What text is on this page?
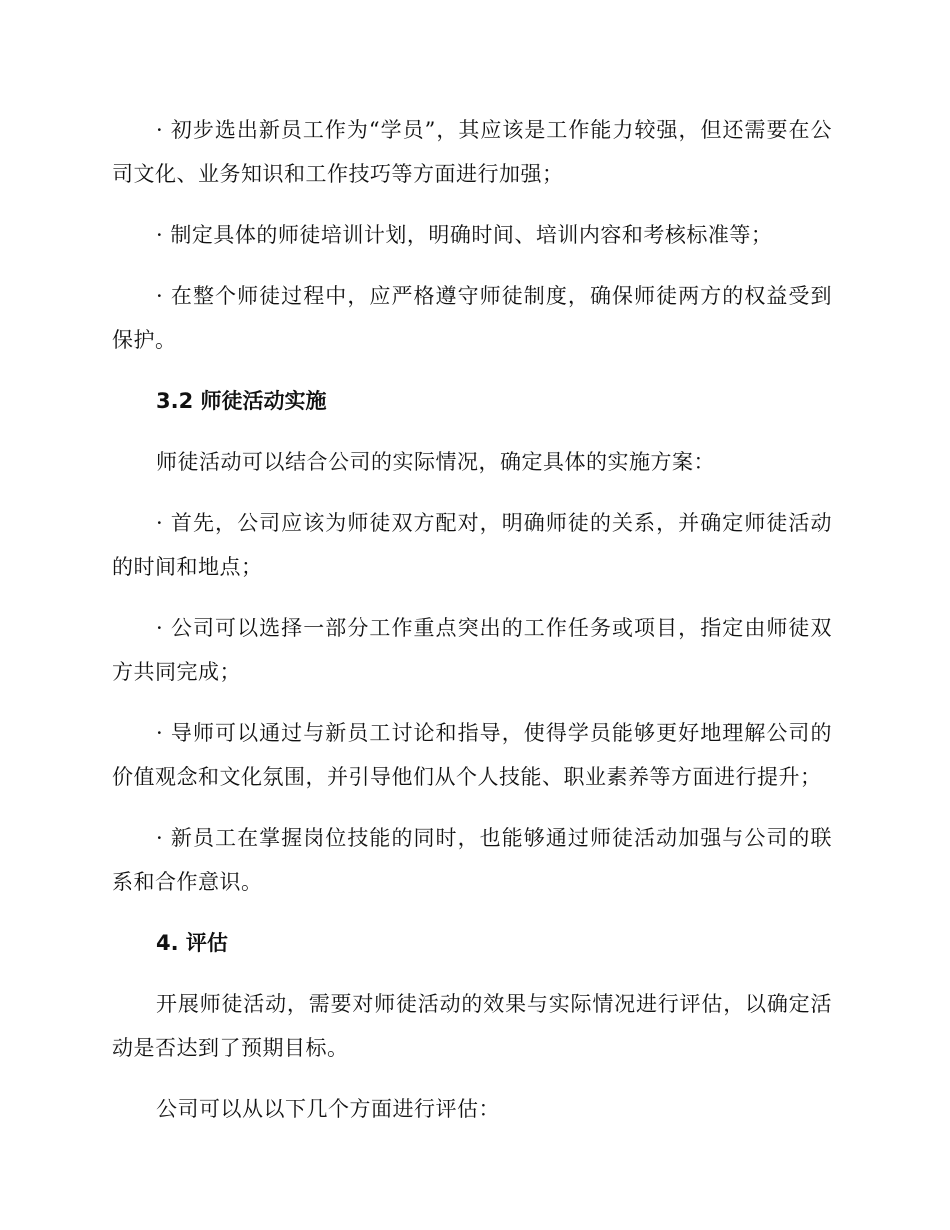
· 初步选出新员工作为“学员”，其应该是工作能力较强，但还需要在公司文化、业务知识和工作技巧等方面进行加强；

· 制定具体的师徒培训计划，明确时间、培训内容和考核标准等；

· 在整个师徒过程中，应严格遵守师徒制度，确保师徒两方的权益受到保护。

3.2 师徒活动实施

师徒活动可以结合公司的实际情况，确定具体的实施方案：

· 首先，公司应该为师徒双方配对，明确师徒的关系，并确定师徒活动的时间和地点；

· 公司可以选择一部分工作重点突出的工作任务或项目，指定由师徒双方共同完成；

· 导师可以通过与新员工讨论和指导，使得学员能够更好地理解公司的价值观念和文化氛围，并引导他们从个人技能、职业素养等方面进行提升；

· 新员工在掌握岗位技能的同时，也能够通过师徒活动加强与公司的联系和合作意识。

4. 评估

开展师徒活动，需要对师徒活动的效果与实际情况进行评估，以确定活动是否达到了预期目标。

公司可以从以下几个方面进行评估：
